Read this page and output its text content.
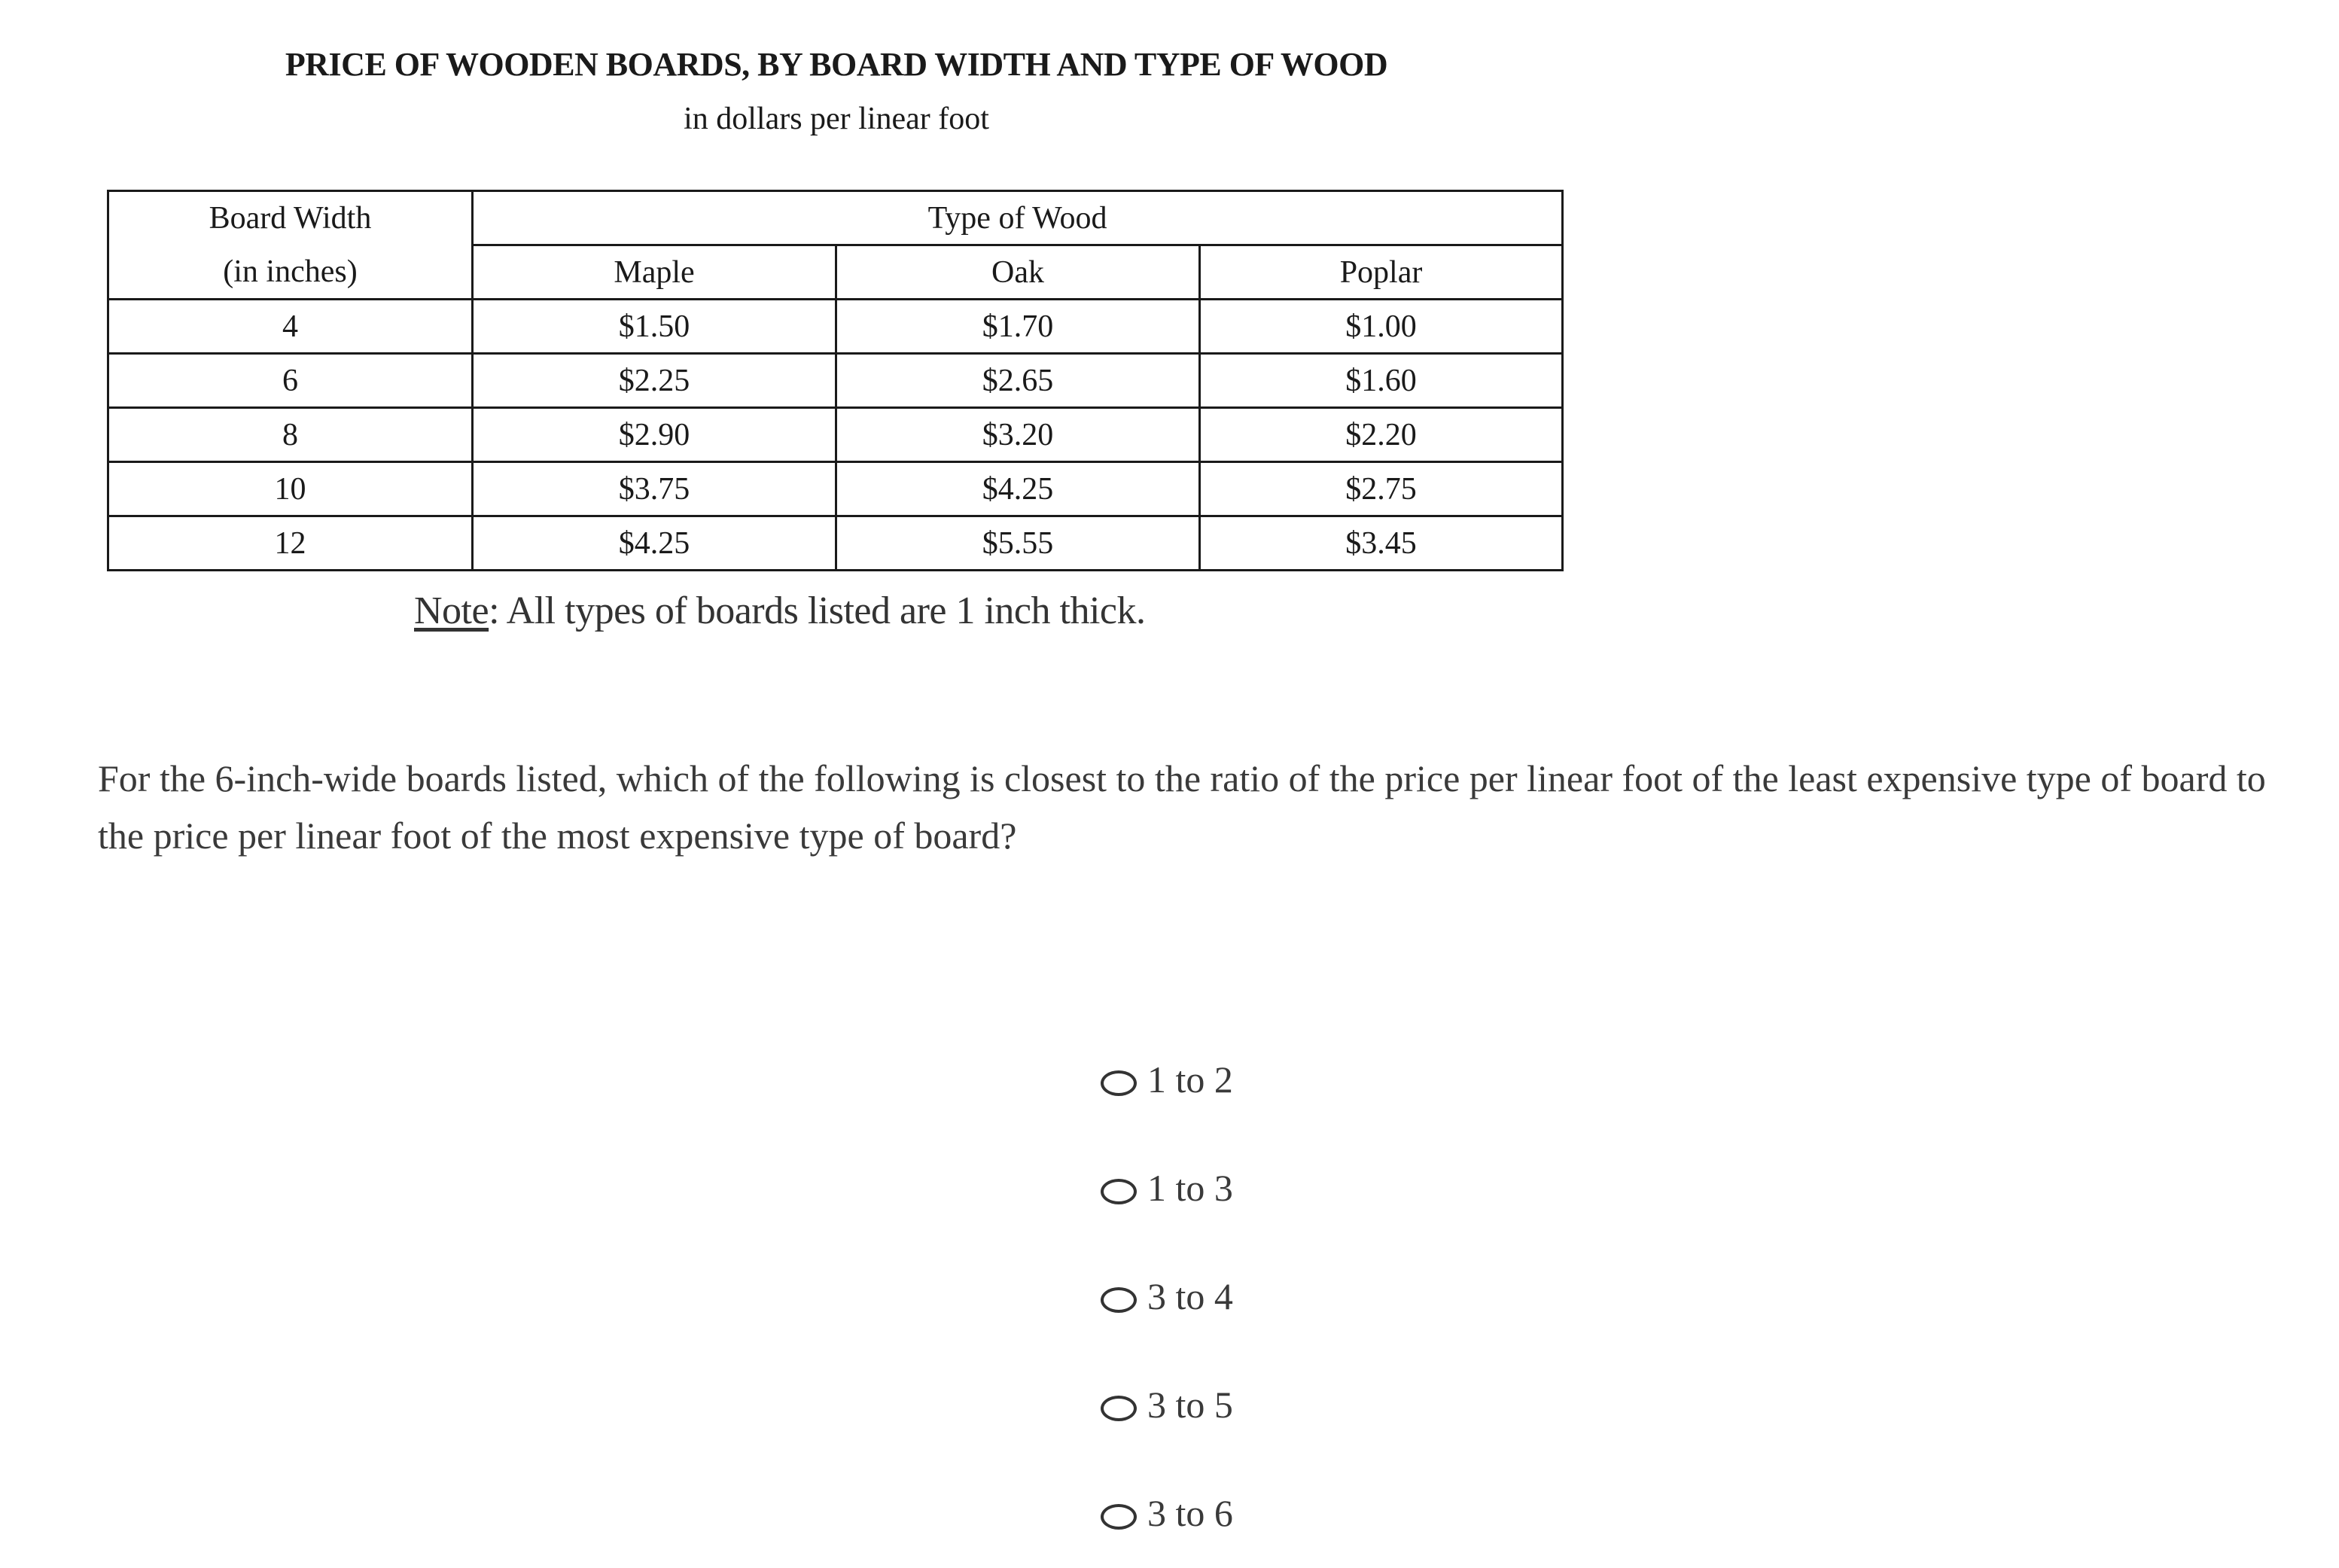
PRICE OF WOODEN BOARDS, BY BOARD WIDTH AND TYPE OF WOOD
in dollars per linear foot
Board Width	Type of Wood		
(in inches)	Maple	Oak	Poplar
4	$1.50	$1.70	$1.00
6	$2.25	$2.65	$1.60
8	$2.90	$3.20	$2.20
10	$3.75	$4.25	$2.75
12	$4.25	$5.55	$3.45
Note: All types of boards listed are 1 inch thick.
For the 6-inch-wide boards listed, which of the following is closest to the ratio of the price per linear foot of the least expensive type of board to the price per linear foot of the most expensive type of board?
1 to 2
1 to 3
3 to 4
3 to 5
3 to 6
